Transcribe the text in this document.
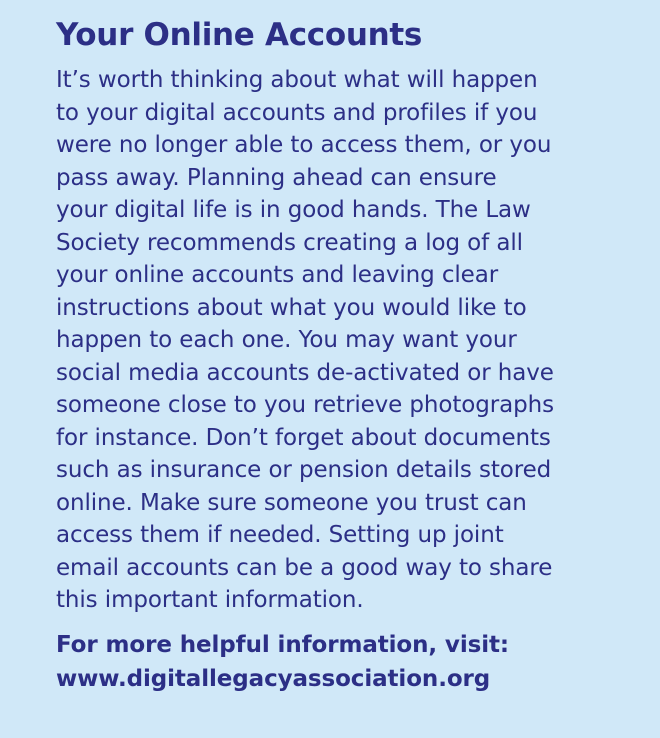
Your Online Accounts

It’s worth thinking about what will happen
to your digital accounts and profiles if you
were no longer able to access them, or you
pass away. Planning ahead can ensure
your digital life is in good hands. The Law
Society recommends creating a log of all
your online accounts and leaving clear
instructions about what you would like to
happen to each one. You may want your
social media accounts de-activated or have
someone close to you retrieve photographs
for instance. Don’t forget about documents
such as insurance or pension details stored
online. Make sure someone you trust can
access them if needed. Setting up joint
email accounts can be a good way to share
this important information.

For more helpful information, visit:
www.digitallegacyassociation.org
